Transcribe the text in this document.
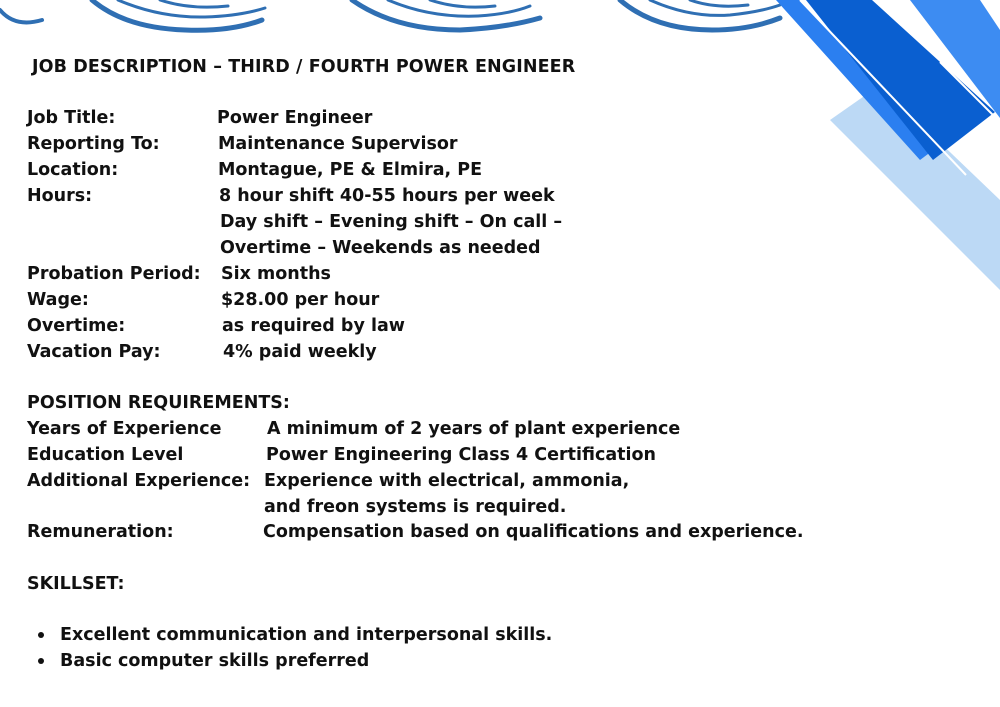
JOB DESCRIPTION – THIRD / FOURTH POWER ENGINEER
Job Title:	Power Engineer
Reporting To:	Maintenance Supervisor
Location:	Montague, PE & Elmira, PE
Hours:	8 hour shift 40-55 hours per week
Day shift – Evening shift – On call –
Overtime – Weekends as needed
Probation Period: Six months
Wage:	$28.00 per hour
Overtime:	as required by law
Vacation Pay:	4% paid weekly
POSITION REQUIREMENTS:
Years of Experience	A minimum of 2 years of plant experience
Education Level	Power Engineering Class 4 Certification
Additional Experience: Experience with electrical, ammonia,
and freon systems is required.
Remuneration:	Compensation based on qualifications and experience.
SKILLSET:
Excellent communication and interpersonal skills.
Basic computer skills preferred
